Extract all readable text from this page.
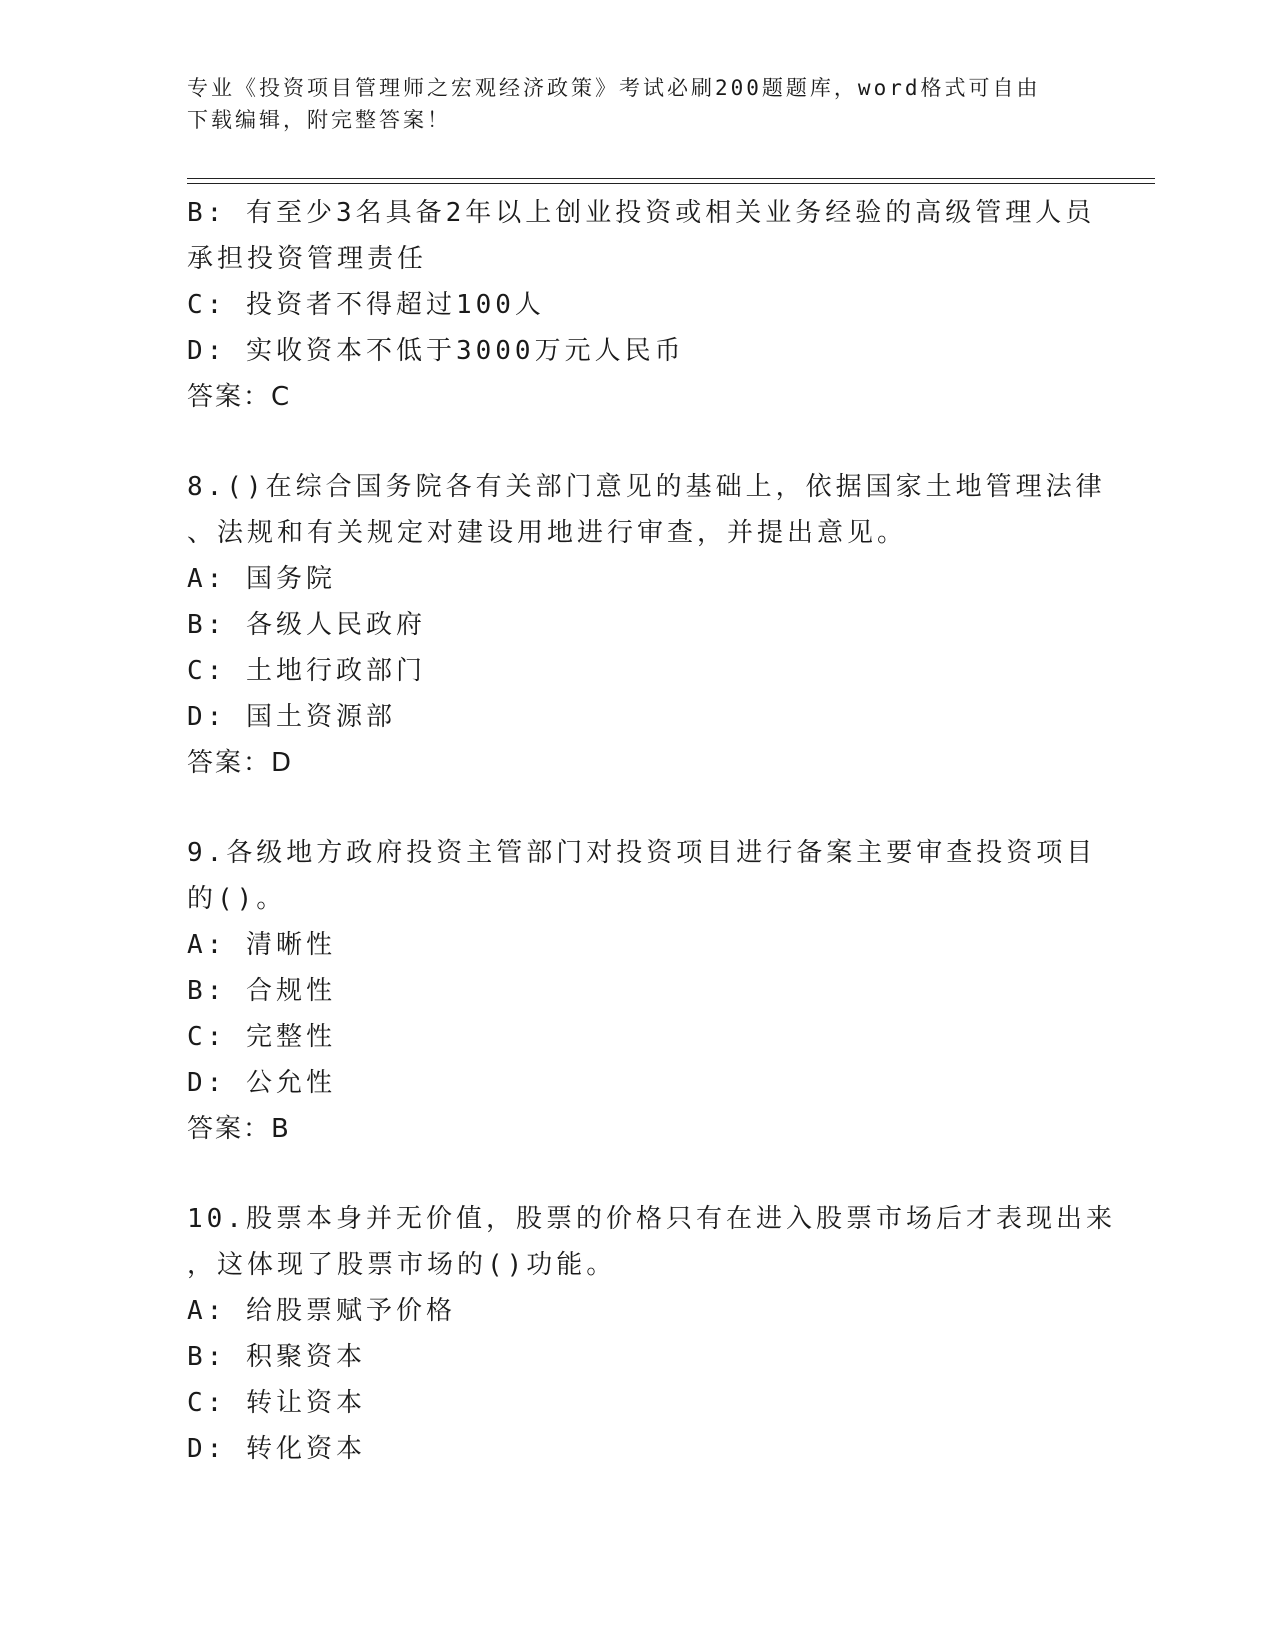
专业《投资项目管理师之宏观经济政策》考试必刷200题题库，word格式可自由
下载编辑，附完整答案！
B: 有至少3名具备2年以上创业投资或相关业务经验的高级管理人员
承担投资管理责任
C: 投资者不得超过100人
D: 实收资本不低于3000万元人民币
答案：C
8.()在综合国务院各有关部门意见的基础上，依据国家土地管理法律
、法规和有关规定对建设用地进行审查，并提出意见。
A: 国务院
B: 各级人民政府
C: 土地行政部门
D: 国土资源部
答案：D
9.各级地方政府投资主管部门对投资项目进行备案主要审查投资项目
的()。
A: 清晰性
B: 合规性
C: 完整性
D: 公允性
答案：B
10.股票本身并无价值，股票的价格只有在进入股票市场后才表现出来
，这体现了股票市场的()功能。
A: 给股票赋予价格
B: 积聚资本
C: 转让资本
D: 转化资本
